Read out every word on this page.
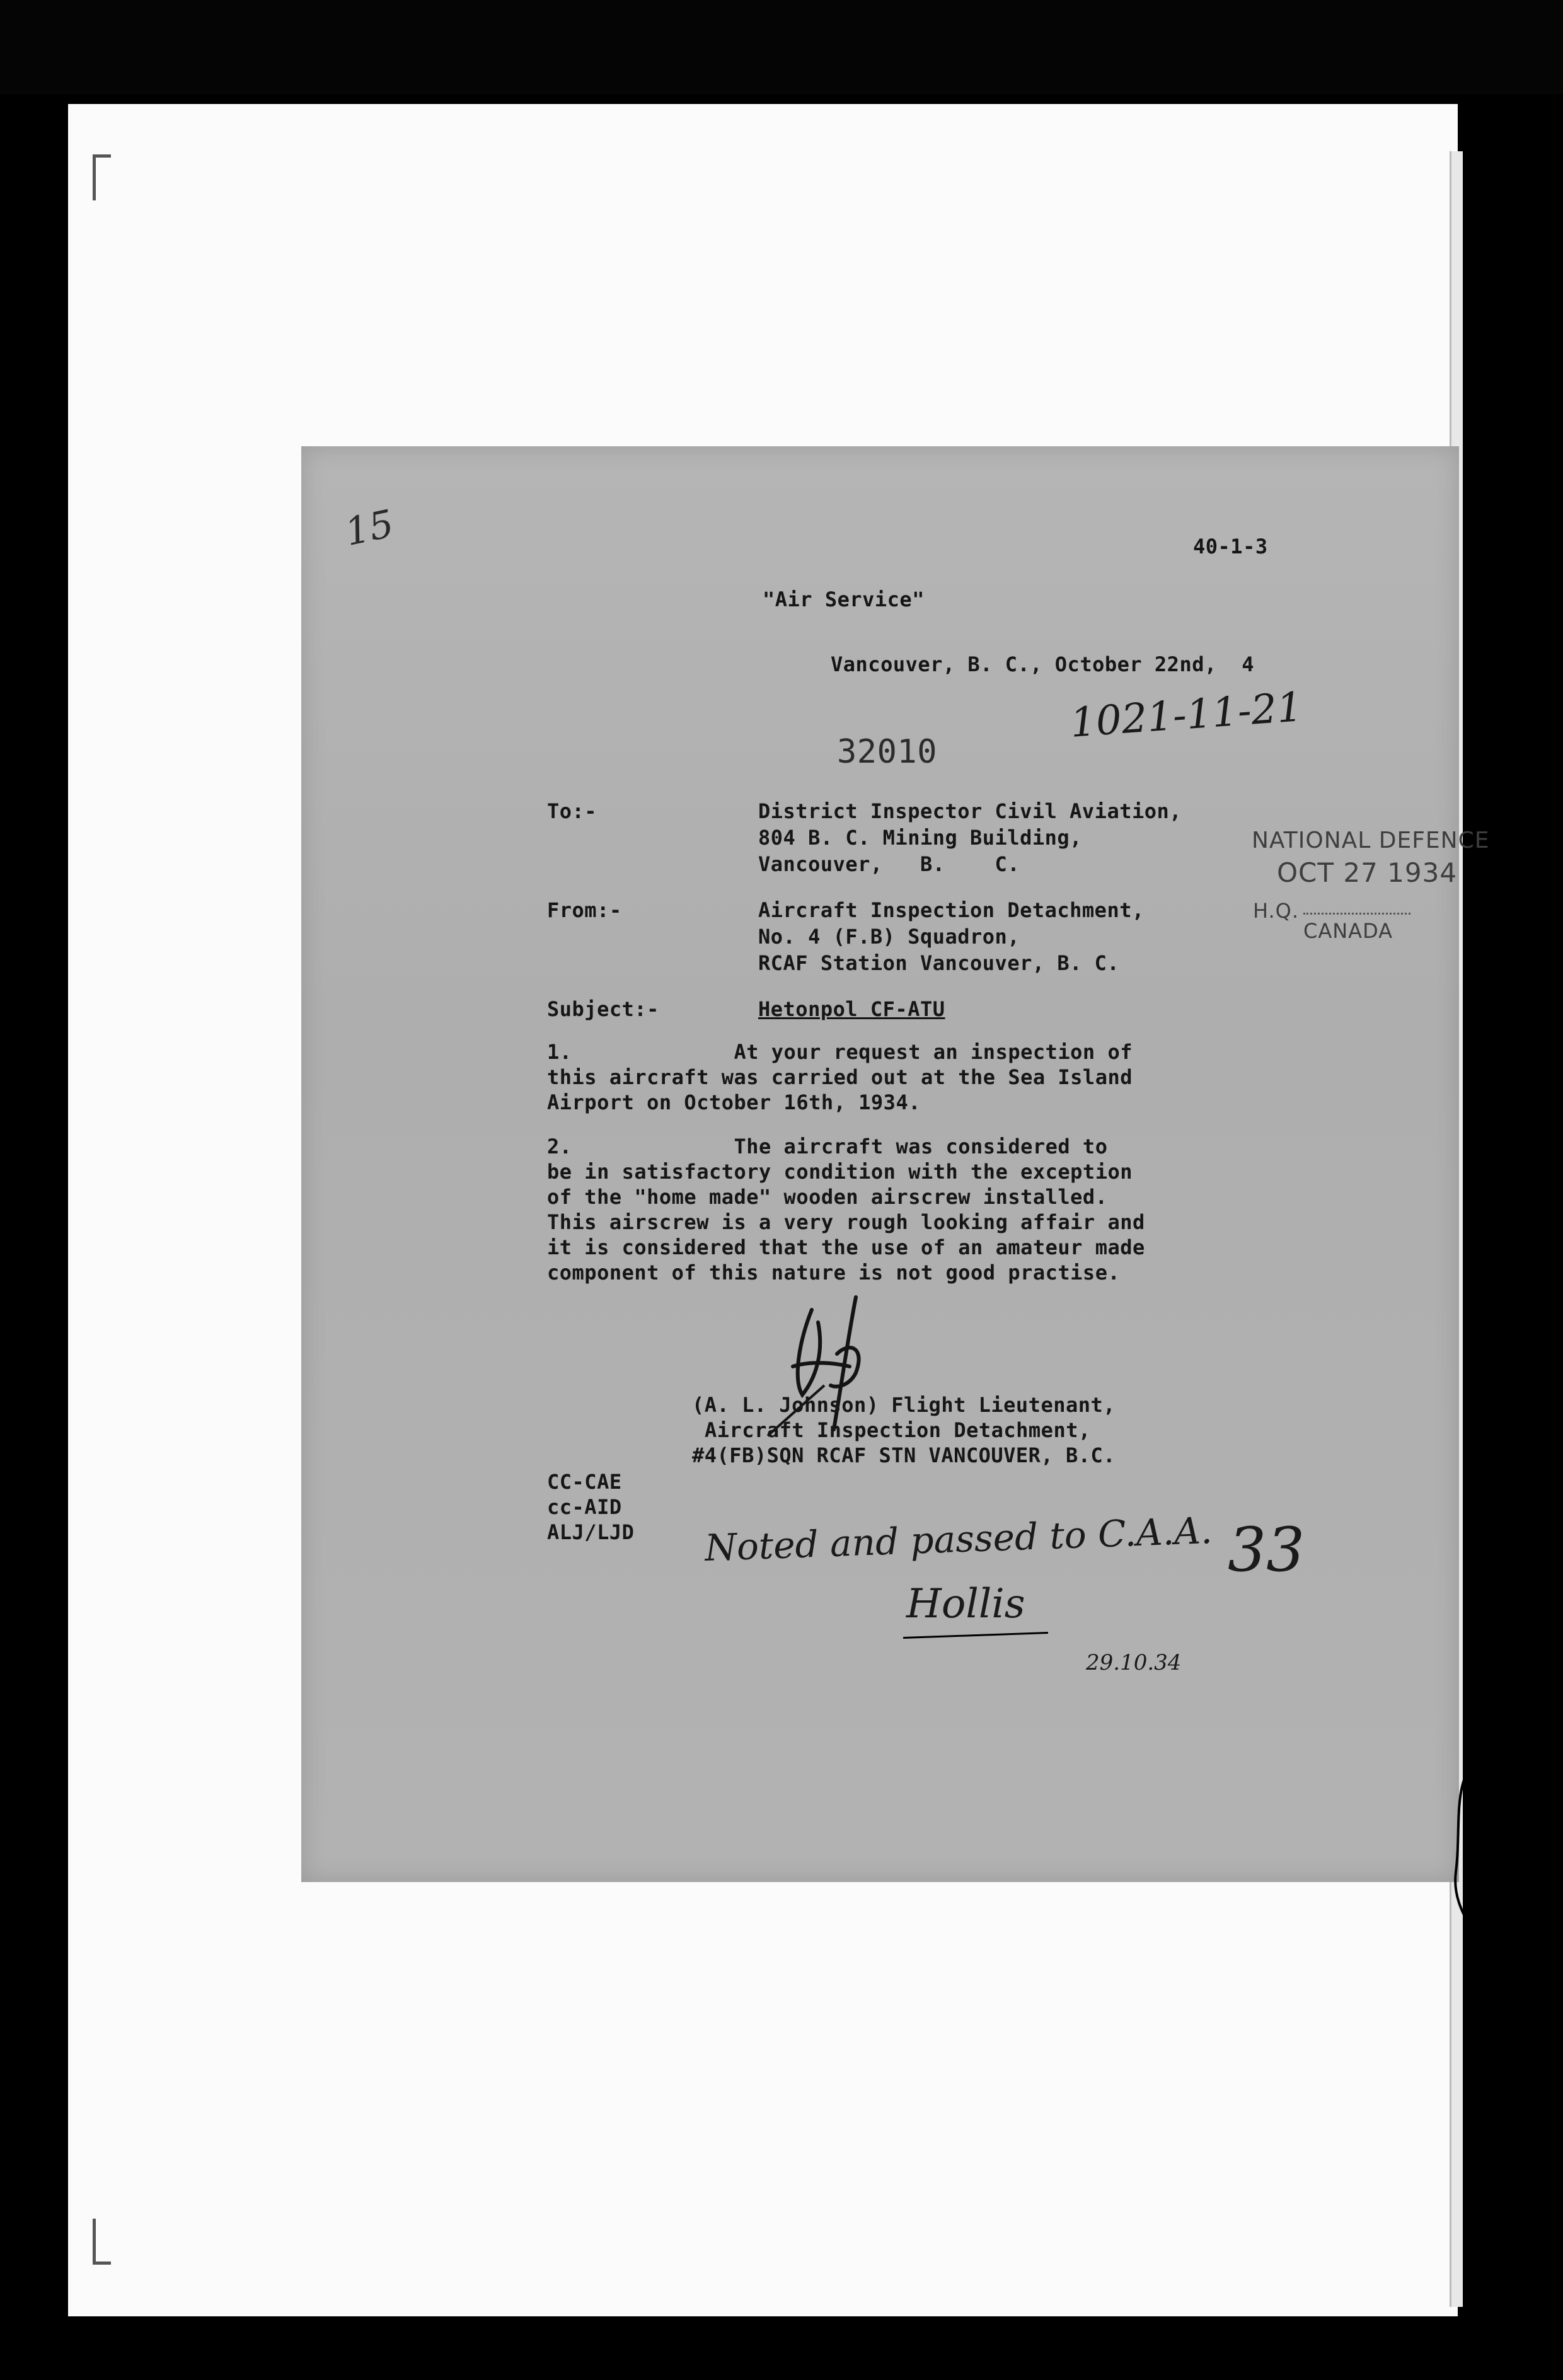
15	40-1-3
"Air Service"
Vancouver, B. C., October 22nd,  4
1021-11-21
32010
To:-	District Inspector Civil Aviation,
804 B. C. Mining Building,
Vancouver,   B.    C.
NATIONAL DEFENCE
OCT 27 1934
H.Q.
CANADA
From:-	Aircraft Inspection Detachment,
No. 4 (F.B) Squadron,
RCAF Station Vancouver, B. C.
Subject:-	Hetonpol CF-ATU
1.             At your request an inspection of
this aircraft was carried out at the Sea Island
Airport on October 16th, 1934.
2.             The aircraft was considered to
be in satisfactory condition with the exception
of the "home made" wooden airscrew installed.
This airscrew is a very rough looking affair and
it is considered that the use of an amateur made
component of this nature is not good practise.
(A. L. Johnson) Flight Lieutenant,
Aircraft Inspection Detachment,
#4(FB)SQN RCAF STN VANCOUVER, B.C.
CC-CAE
cc-AID
ALJ/LJD Noted and passed to C.A.A.
Hollis
29.10.34
33
